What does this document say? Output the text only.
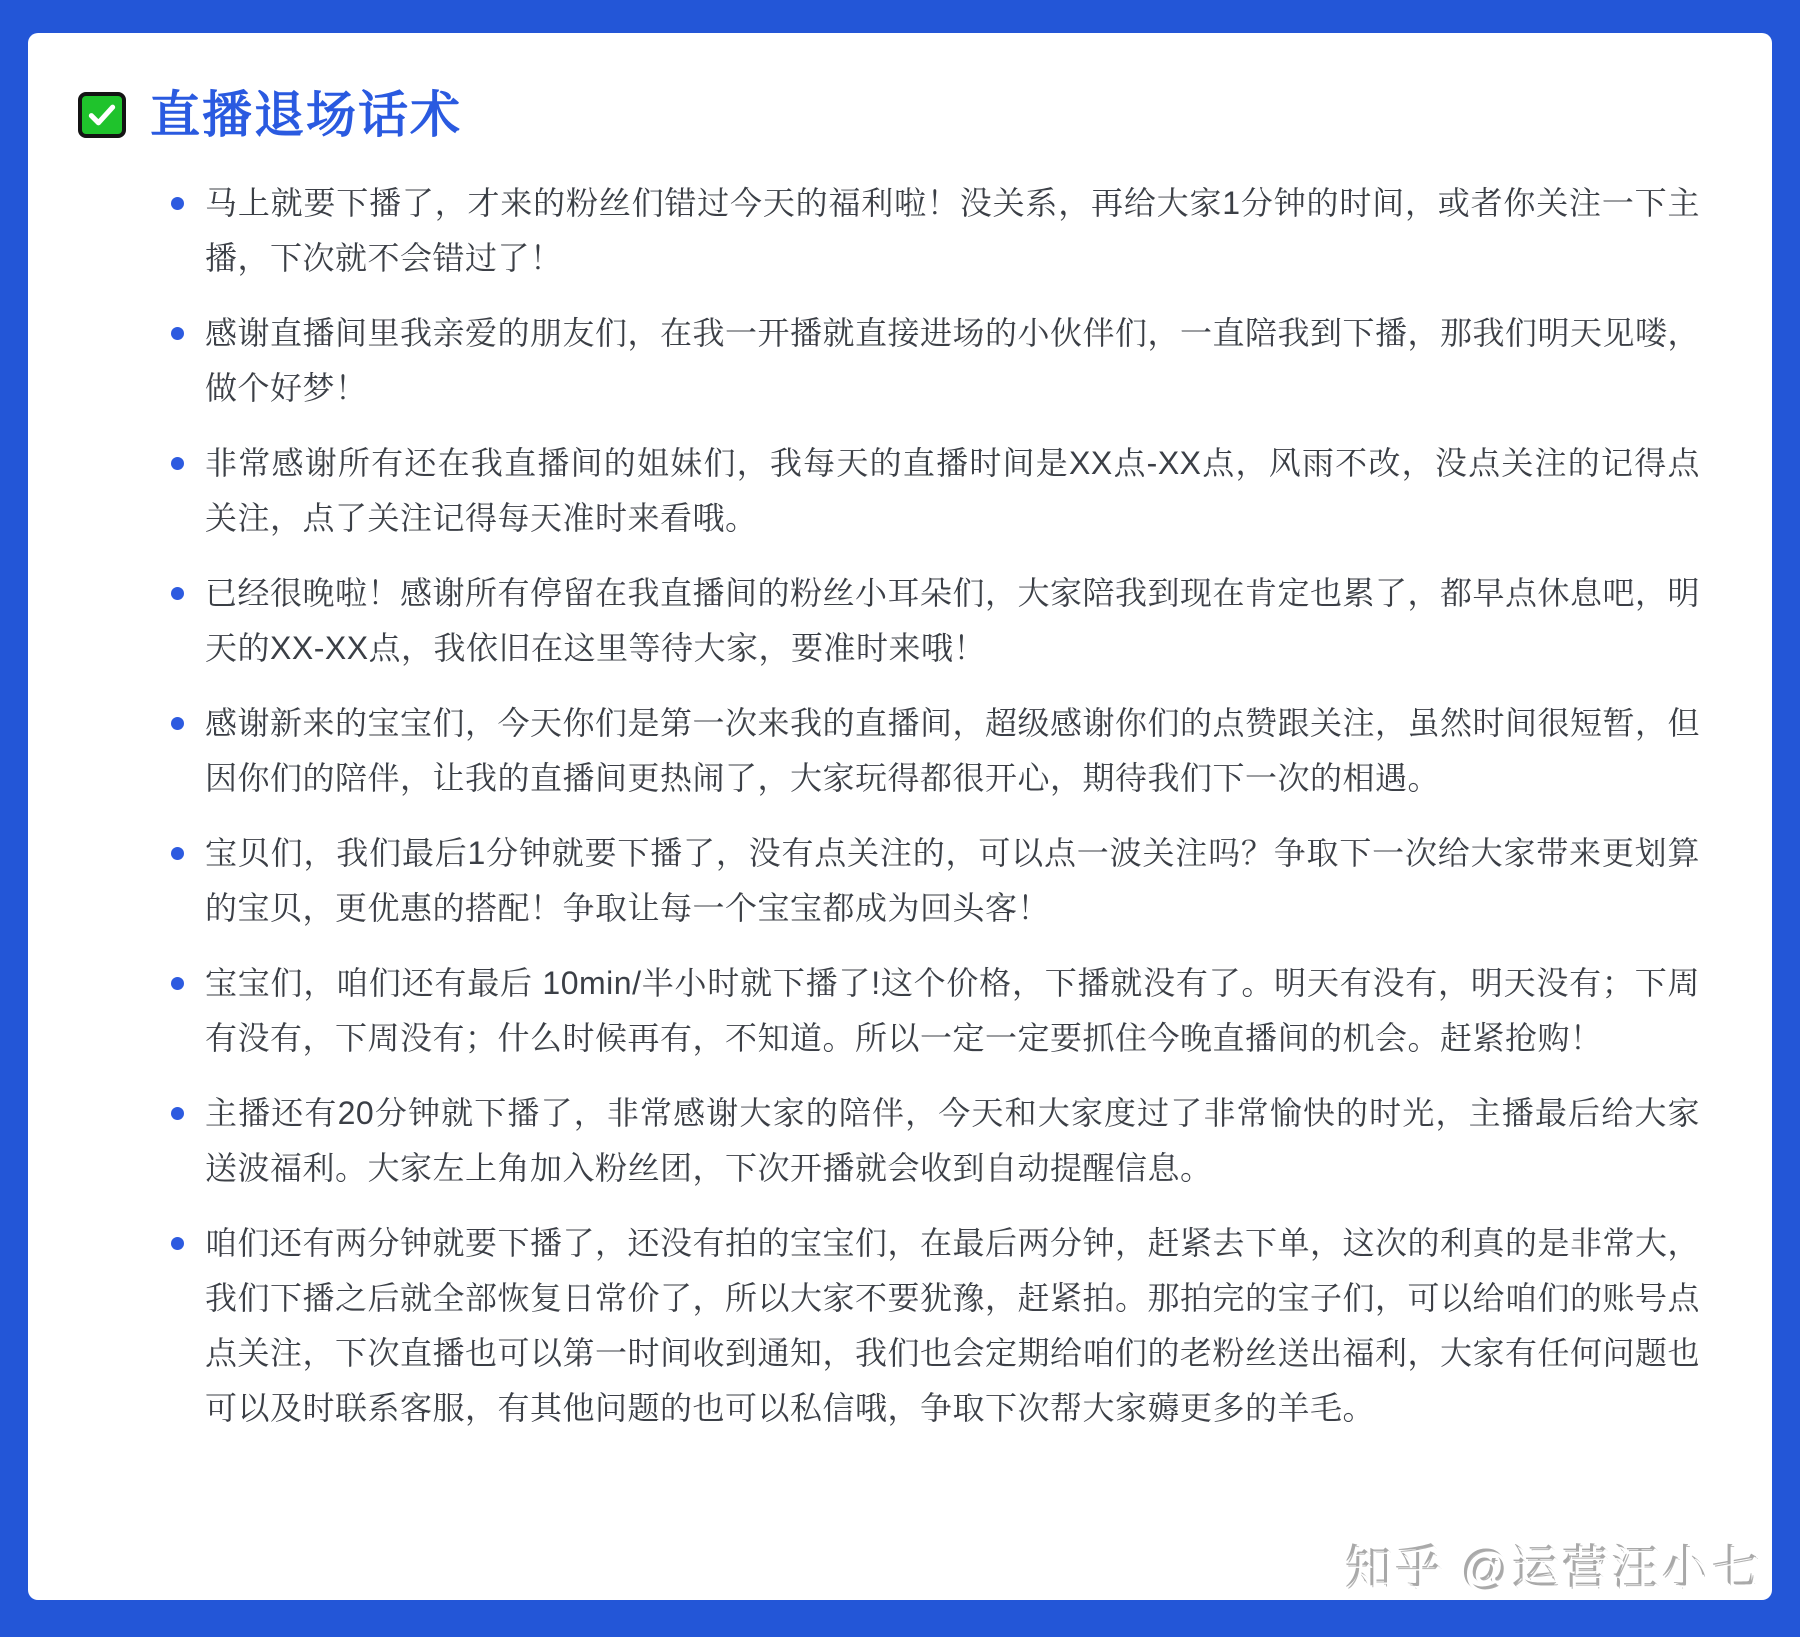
直播退场话术
马上就要下播了，才来的粉丝们错过今天的福利啦！没关系，再给大家1分钟的时间，或者你关注一下主播，下次就不会错过了！
感谢直播间里我亲爱的朋友们，在我一开播就直接进场的小伙伴们，一直陪我到下播，那我们明天见喽，做个好梦！
非常感谢所有还在我直播间的姐妹们，我每天的直播时间是XX点-XX点，风雨不改，没点关注的记得点关注，点了关注记得每天准时来看哦。
已经很晚啦！感谢所有停留在我直播间的粉丝小耳朵们，大家陪我到现在肯定也累了，都早点休息吧，明天的XX-XX点，我依旧在这里等待大家，要准时来哦！
感谢新来的宝宝们，今天你们是第一次来我的直播间，超级感谢你们的点赞跟关注，虽然时间很短暂，但因你们的陪伴，让我的直播间更热闹了，大家玩得都很开心，期待我们下一次的相遇。
宝贝们，我们最后1分钟就要下播了，没有点关注的，可以点一波关注吗？争取下一次给大家带来更划算的宝贝，更优惠的搭配！争取让每一个宝宝都成为回头客！
宝宝们，咱们还有最后 10min/半小时就下播了!这个价格，下播就没有了。明天有没有，明天没有；下周有没有，下周没有；什么时候再有，不知道。所以一定一定要抓住今晚直播间的机会。赶紧抢购！
主播还有20分钟就下播了，非常感谢大家的陪伴，今天和大家度过了非常愉快的时光，主播最后给大家送波福利。大家左上角加入粉丝团，下次开播就会收到自动提醒信息。
咱们还有两分钟就要下播了，还没有拍的宝宝们，在最后两分钟，赶紧去下单，这次的利真的是非常大，我们下播之后就全部恢复日常价了，所以大家不要犹豫，赶紧拍。那拍完的宝子们，可以给咱们的账号点点关注，下次直播也可以第一时间收到通知，我们也会定期给咱们的老粉丝送出福利，大家有任何问题也可以及时联系客服，有其他问题的也可以私信哦，争取下次帮大家薅更多的羊毛。
知乎 @运营汪小七
